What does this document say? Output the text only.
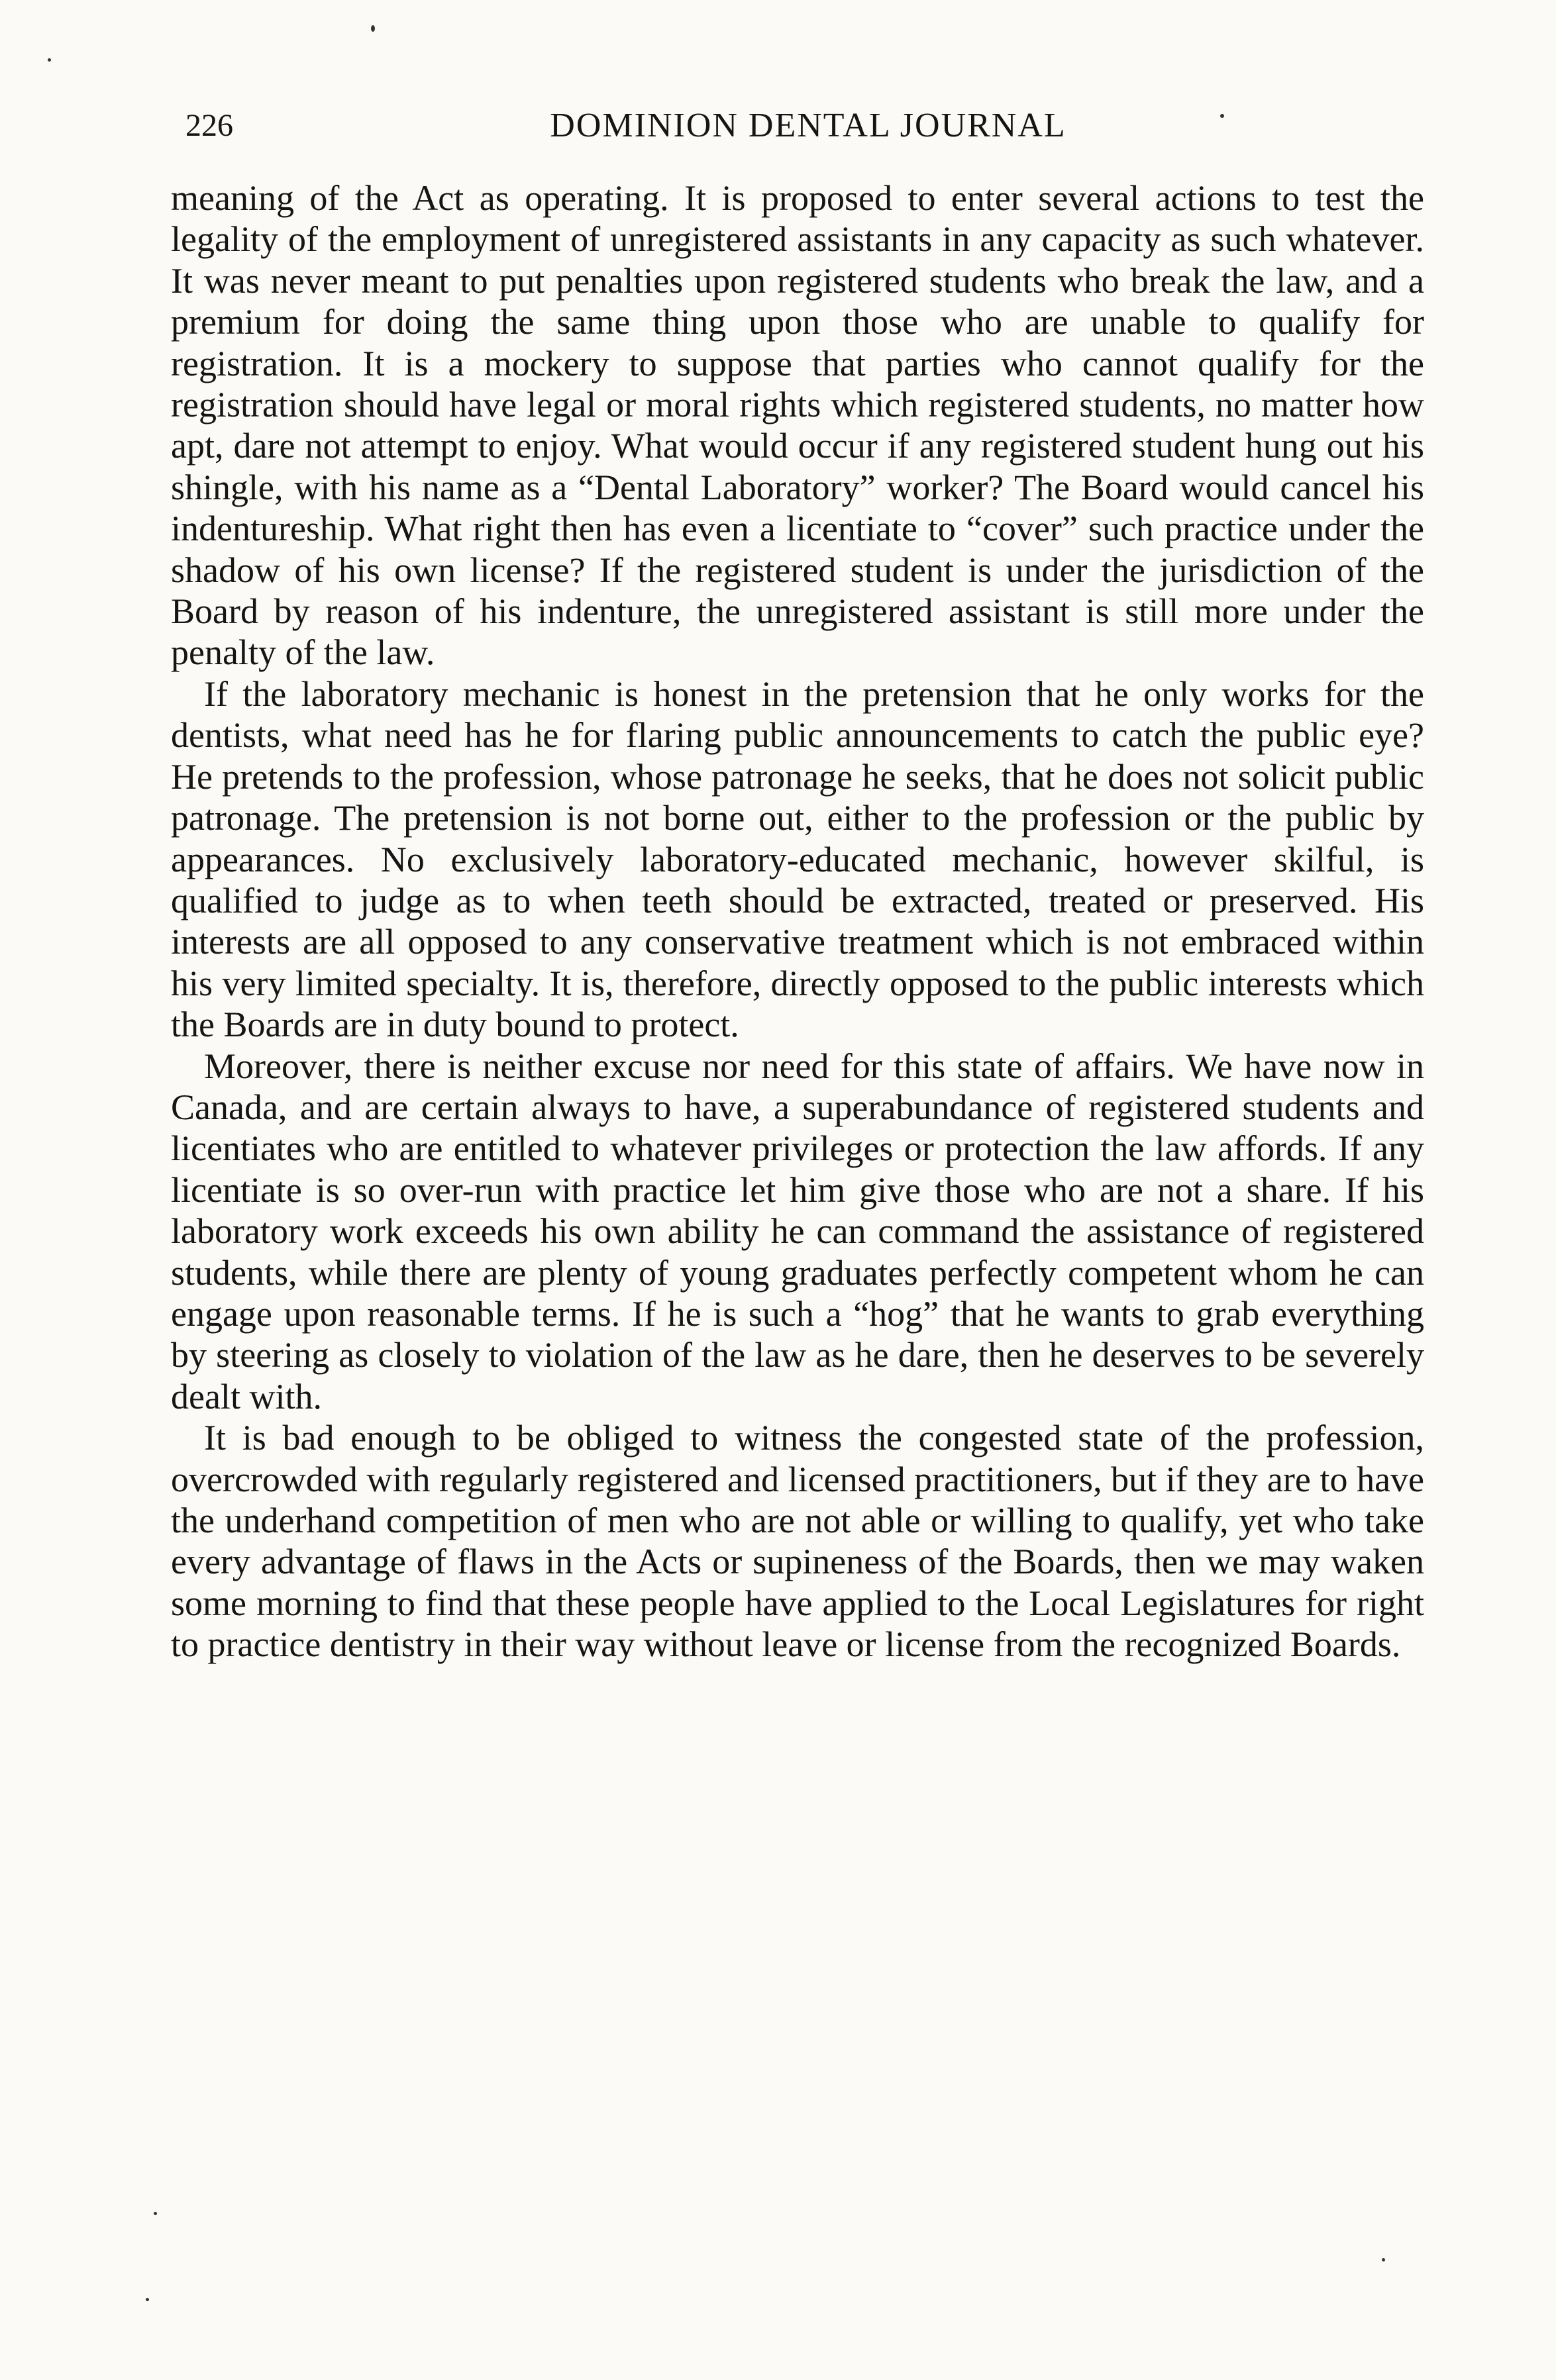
226	DOMINION DENTAL JOURNAL

meaning of the Act as operating. It is proposed to enter several actions to test the legality of the employment of unregistered assistants in any capacity as such whatever. It was never meant to put penalties upon registered students who break the law, and a premium for doing the same thing upon those who are unable to qualify for registration. It is a mockery to suppose that parties who cannot qualify for the registration should have legal or moral rights which registered students, no matter how apt, dare not attempt to enjoy. What would occur if any registered student hung out his shingle, with his name as a “Dental Laboratory” worker? The Board would cancel his indentureship. What right then has even a licentiate to “cover” such practice under the shadow of his own license? If the registered student is under the jurisdiction of the Board by reason of his indenture, the unregistered assistant is still more under the penalty of the law.

If the laboratory mechanic is honest in the pretension that he only works for the dentists, what need has he for flaring public announcements to catch the public eye? He pretends to the profession, whose patronage he seeks, that he does not solicit public patronage. The pretension is not borne out, either to the profession or the public by appearances. No exclusively laboratory-educated mechanic, however skilful, is qualified to judge as to when teeth should be extracted, treated or preserved. His interests are all opposed to any conservative treatment which is not embraced within his very limited specialty. It is, therefore, directly opposed to the public interests which the Boards are in duty bound to protect.

Moreover, there is neither excuse nor need for this state of affairs. We have now in Canada, and are certain always to have, a superabundance of registered students and licentiates who are entitled to whatever privileges or protection the law affords. If any licentiate is so over-run with practice let him give those who are not a share. If his laboratory work exceeds his own ability he can command the assistance of registered students, while there are plenty of young graduates perfectly competent whom he can engage upon reasonable terms. If he is such a “hog” that he wants to grab everything by steering as closely to violation of the law as he dare, then he deserves to be severely dealt with.

It is bad enough to be obliged to witness the congested state of the profession, overcrowded with regularly registered and licensed practitioners, but if they are to have the underhand competition of men who are not able or willing to qualify, yet who take every advantage of flaws in the Acts or supineness of the Boards, then we may waken some morning to find that these people have applied to the Local Legislatures for right to practice dentistry in their way without leave or license from the recognized Boards.
